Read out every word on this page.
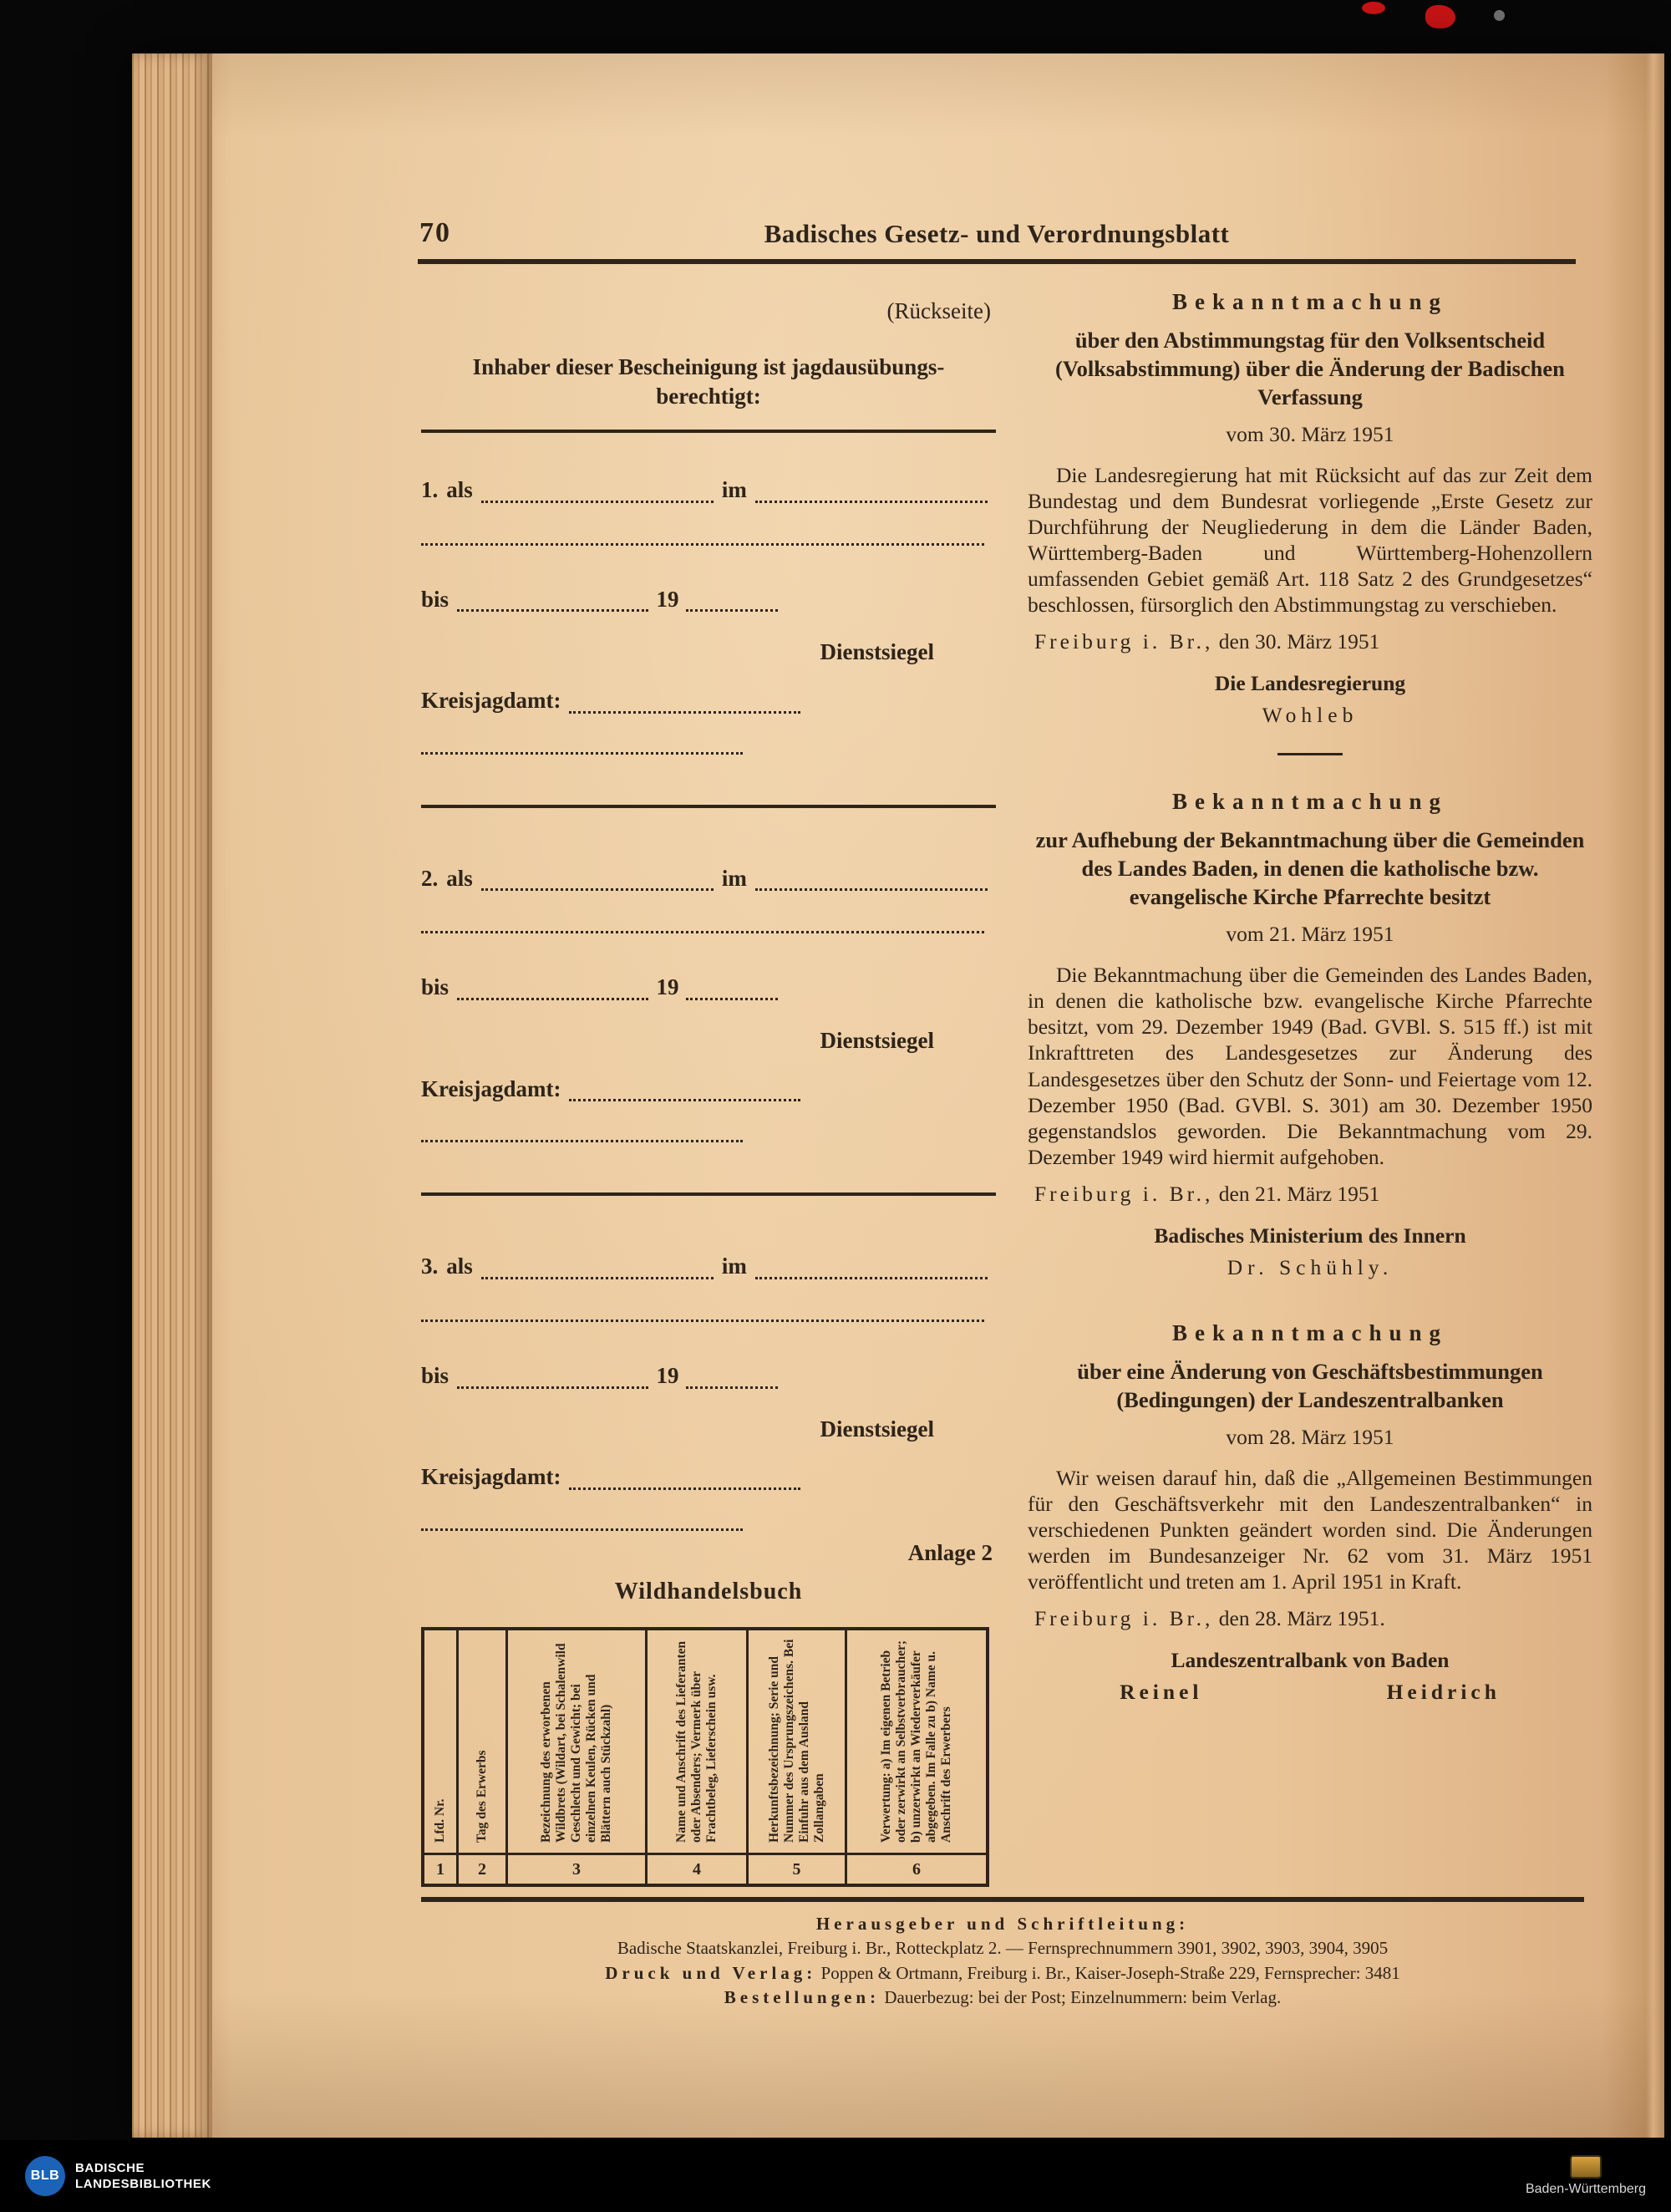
70	Badisches Gesetz- und Verordnungsblatt
(Rückseite)
Inhaber dieser Bescheinigung ist jagdausübungs-
berechtigt:
1. als	im
bis	19
Dienstsiegel
Kreisjagdamt:
2. als	im
bis	19
Dienstsiegel
Kreisjagdamt:
3. als	im
bis	19
Dienstsiegel
Kreisjagdamt:
Anlage 2
Wildhandelsbuch
Lfd. Nr.	Tag des Erwerbs	Bezeichnung des erworbenen Wildbrets (Wildart, bei Schalenwild Geschlecht und Gewicht; bei einzelnen Keulen, Rücken und Blättern auch Stückzahl)	Name und Anschrift des Lieferanten oder Absenders; Vermerk über Frachtbeleg, Lieferschein usw.	Herkunftsbezeichnung; Serie und Nummer des Ursprungszeichens. Bei Einfuhr aus dem Ausland Zollangaben	Verwertung: a) Im eigenen Betrieb oder zerwirkt an Selbstverbraucher; b) unzerwirkt an Wiederverkäufer abgegeben. Im Falle zu b) Name u. Anschrift des Erwerbers
1	2	3	4	5	6
Bekanntmachung
über den Abstimmungstag für den Volksentscheid (Volksabstimmung) über die Änderung der Badischen Verfassung
vom 30. März 1951

Die Landesregierung hat mit Rücksicht auf das zur Zeit dem Bundestag und dem Bundesrat vorliegende „Erste Gesetz zur Durchführung der Neugliederung in dem die Länder Baden, Württemberg-Baden und Württemberg-Hohenzollern umfassenden Gebiet gemäß Art. 118 Satz 2 des Grundgesetzes“ beschlossen, fürsorglich den Abstimmungstag zu verschieben.

Freiburg i. Br., den 30. März 1951
Die Landesregierung
Wohleb
Bekanntmachung
zur Aufhebung der Bekanntmachung über die Gemeinden des Landes Baden, in denen die katholische bzw. evangelische Kirche Pfarrechte besitzt
vom 21. März 1951

Die Bekanntmachung über die Gemeinden des Landes Baden, in denen die katholische bzw. evangelische Kirche Pfarrechte besitzt, vom 29. Dezember 1949 (Bad. GVBl. S. 515 ff.) ist mit Inkrafttreten des Landesgesetzes zur Änderung des Landesgesetzes über den Schutz der Sonn- und Feiertage vom 12. Dezember 1950 (Bad. GVBl. S. 301) am 30. Dezember 1950 gegenstandslos geworden. Die Bekanntmachung vom 29. Dezember 1949 wird hiermit aufgehoben.

Freiburg i. Br., den 21. März 1951
Badisches Ministerium des Innern
Dr. Schühly.
Bekanntmachung
über eine Änderung von Geschäftsbestimmungen (Bedingungen) der Landeszentralbanken
vom 28. März 1951

Wir weisen darauf hin, daß die „Allgemeinen Bestimmungen für den Geschäftsverkehr mit den Landeszentralbanken“ in verschiedenen Punkten geändert worden sind. Die Änderungen werden im Bundesanzeiger Nr. 62 vom 31. März 1951 veröffentlicht und treten am 1. April 1951 in Kraft.

Freiburg i. Br., den 28. März 1951.
Landeszentralbank von Baden
Reinel	Heidrich
Herausgeber und Schriftleitung:
Badische Staatskanzlei, Freiburg i. Br., Rotteckplatz 2. — Fernsprechnummern 3901, 3902, 3903, 3904, 3905
Druck und Verlag: Poppen & Ortmann, Freiburg i. Br., Kaiser-Joseph-Straße 229, Fernsprecher: 3481
Bestellungen: Dauerbezug: bei der Post; Einzelnummern: beim Verlag.
BLB
BADISCHE
LANDESBIBLIOTHEK	Baden-Württemberg
